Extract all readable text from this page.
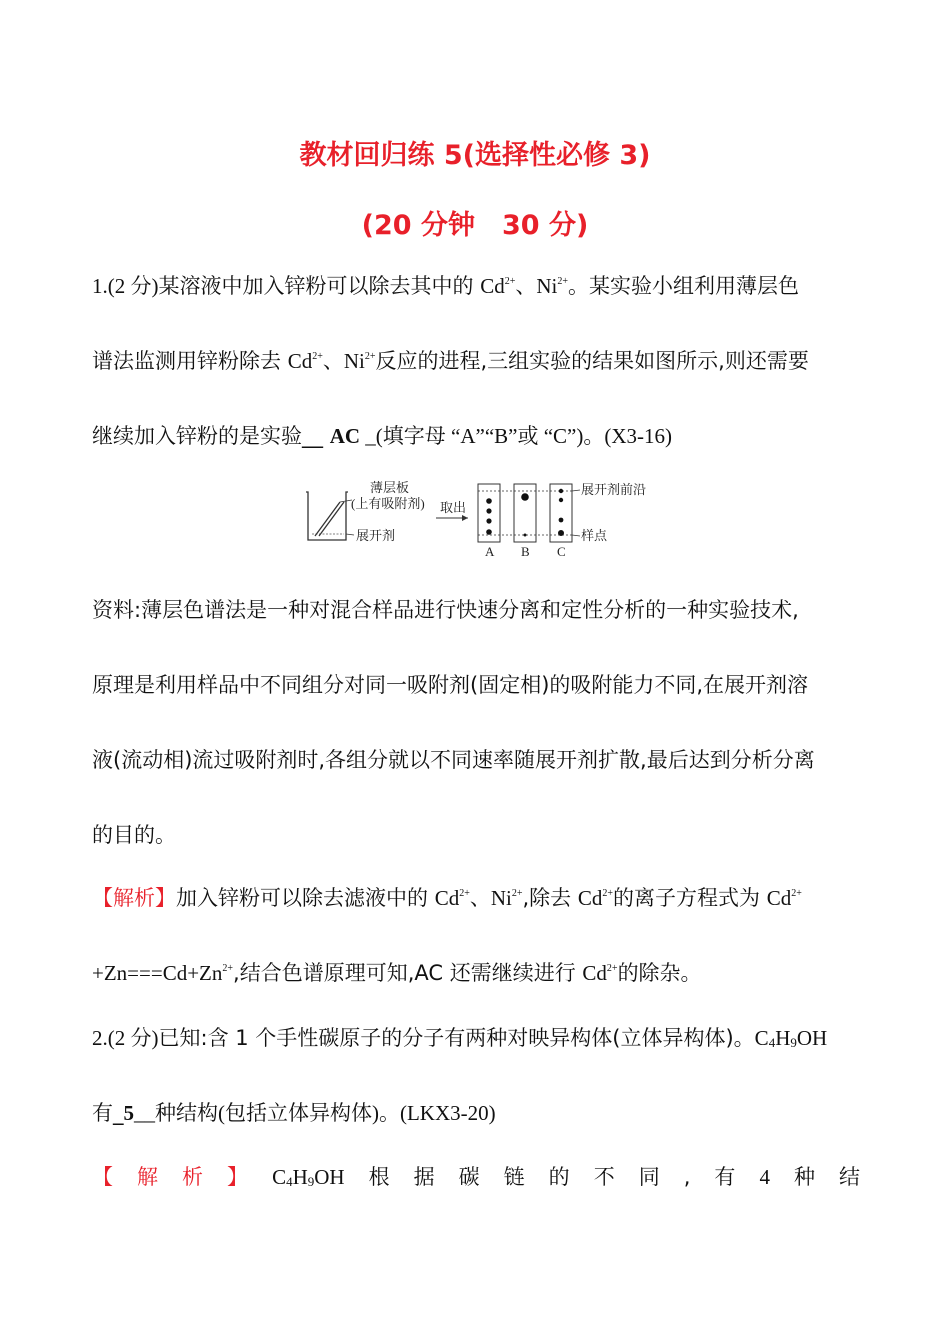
教材回归练 5(选择性必修 3)
(20 分钟　30 分)
1.(2 分)某溶液中加入锌粉可以除去其中的 $Cd^{2+}$、$Ni^{2+}$。某实验小组利用薄层色
谱法监测用锌粉除去 $Cd^{2+}$、$Ni^{2+}$反应的进程,三组实验的结果如图所示,则还需要
继续加入锌粉的是实验__ AC _(填字母 “A”“B”或 “C”)。(X3-16)
薄层板
(上有吸附剂)
展开剂
取出
展开剂前沿
样点
A B C
资料:薄层色谱法是一种对混合样品进行快速分离和定性分析的一种实验技术,
原理是利用样品中不同组分对同一吸附剂(固定相)的吸附能力不同,在展开剂溶
液(流动相)流过吸附剂时,各组分就以不同速率随展开剂扩散,最后达到分析分离
的目的。
【解析】加入锌粉可以除去滤液中的 $Cd^{2+}$、$Ni^{2+}$,除去 $Cd^{2+}$的离子方程式为 $Cd^{2+}$
$+Zn===Cd+Zn^{2+}$,结合色谱原理可知,AC 还需继续进行 $Cd^{2+}$的除杂。
2.(2 分)已知:含 1 个手性碳原子的分子有两种对映异构体(立体异构体)。$C_4H_9OH$
有_5__种结构(包括立体异构体)。(LKX3-20)
【 解 析 】 $C_4H_9OH$ 根 据 碳 链 的 不 同 , 有 4 种 结
